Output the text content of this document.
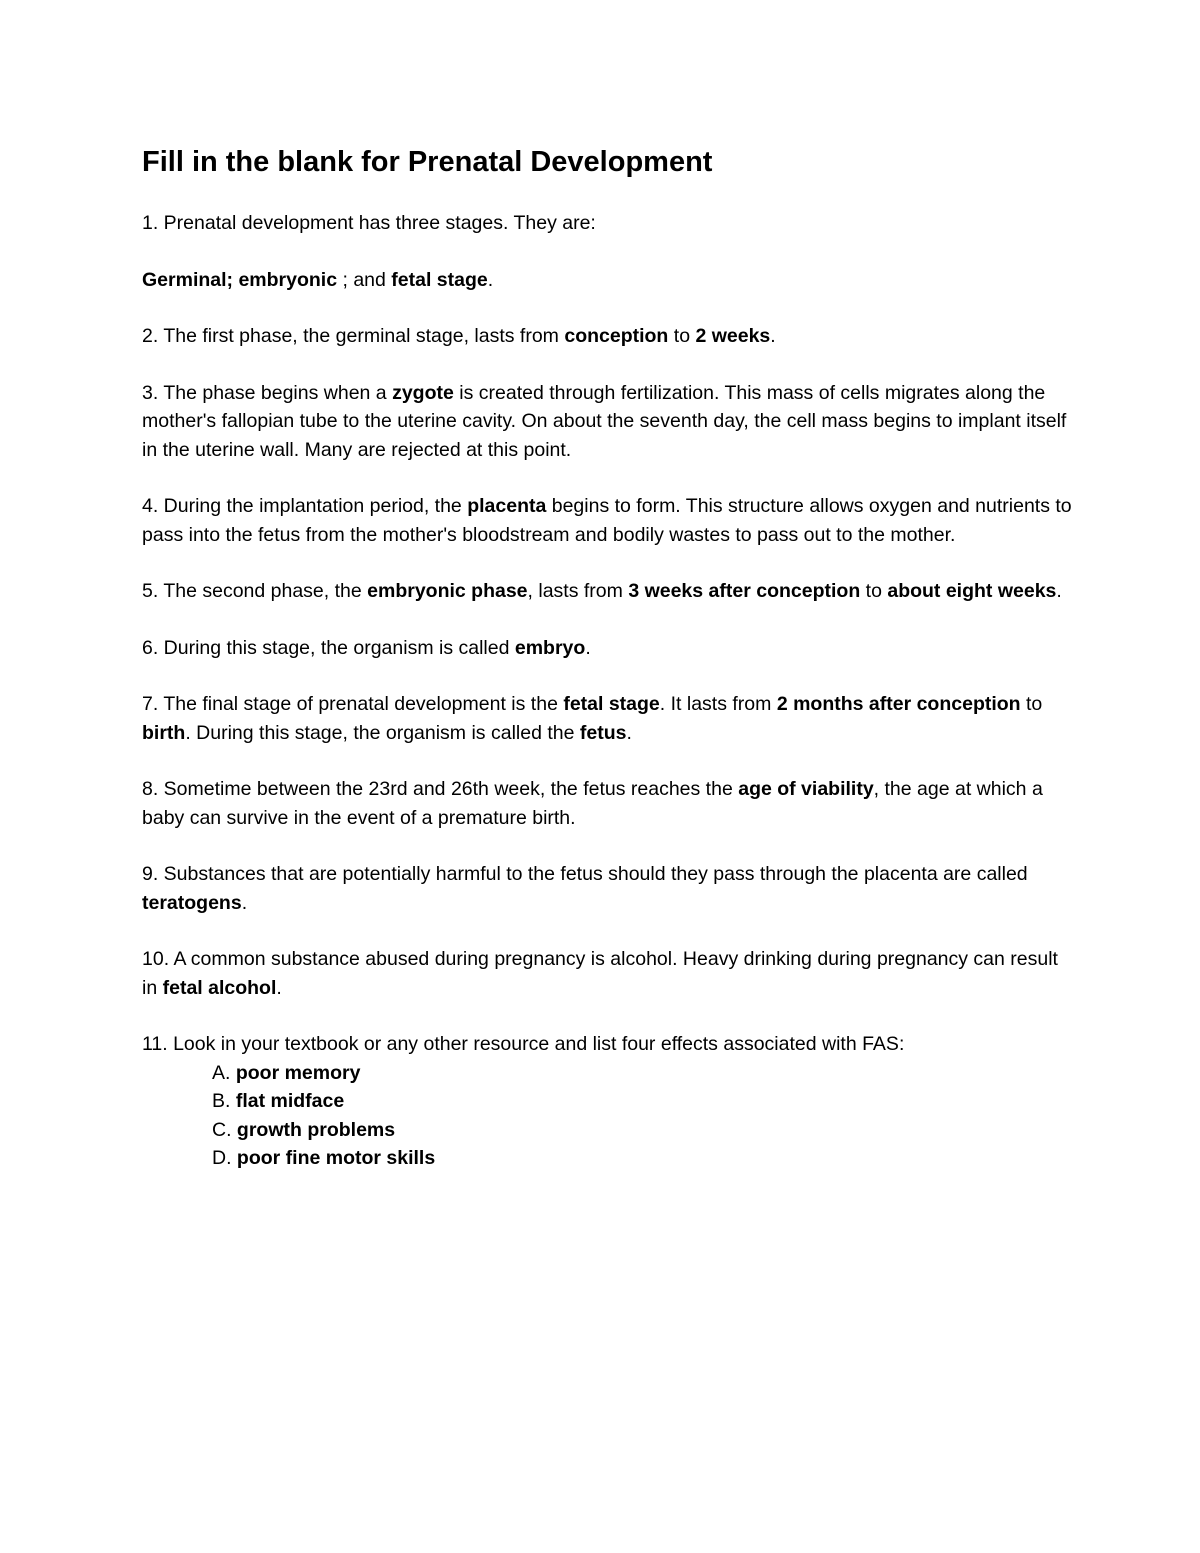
Fill in the blank for Prenatal Development

1. Prenatal development has three stages. They are:

Germinal; embryonic ; and fetal stage.

2. The first phase, the germinal stage, lasts from conception to 2 weeks.

3. The phase begins when a zygote is created through fertilization. This mass of cells migrates along the mother's fallopian tube to the uterine cavity. On about the seventh day, the cell mass begins to implant itself in the uterine wall. Many are rejected at this point.

4. During the implantation period, the placenta begins to form. This structure allows oxygen and nutrients to pass into the fetus from the mother's bloodstream and bodily wastes to pass out to the mother.

5. The second phase, the embryonic phase, lasts from 3 weeks after conception to about eight weeks.

6. During this stage, the organism is called embryo.

7. The final stage of prenatal development is the fetal stage. It lasts from 2 months after conception to birth. During this stage, the organism is called the fetus.

8. Sometime between the 23rd and 26th week, the fetus reaches the age of viability, the age at which a baby can survive in the event of a premature birth.

9. Substances that are potentially harmful to the fetus should they pass through the placenta are called teratogens.

10. A common substance abused during pregnancy is alcohol. Heavy drinking during pregnancy can result in fetal alcohol.

11. Look in your textbook or any other resource and list four effects associated with FAS:

A. poor memory
B. flat midface
C. growth problems
D. poor fine motor skills
